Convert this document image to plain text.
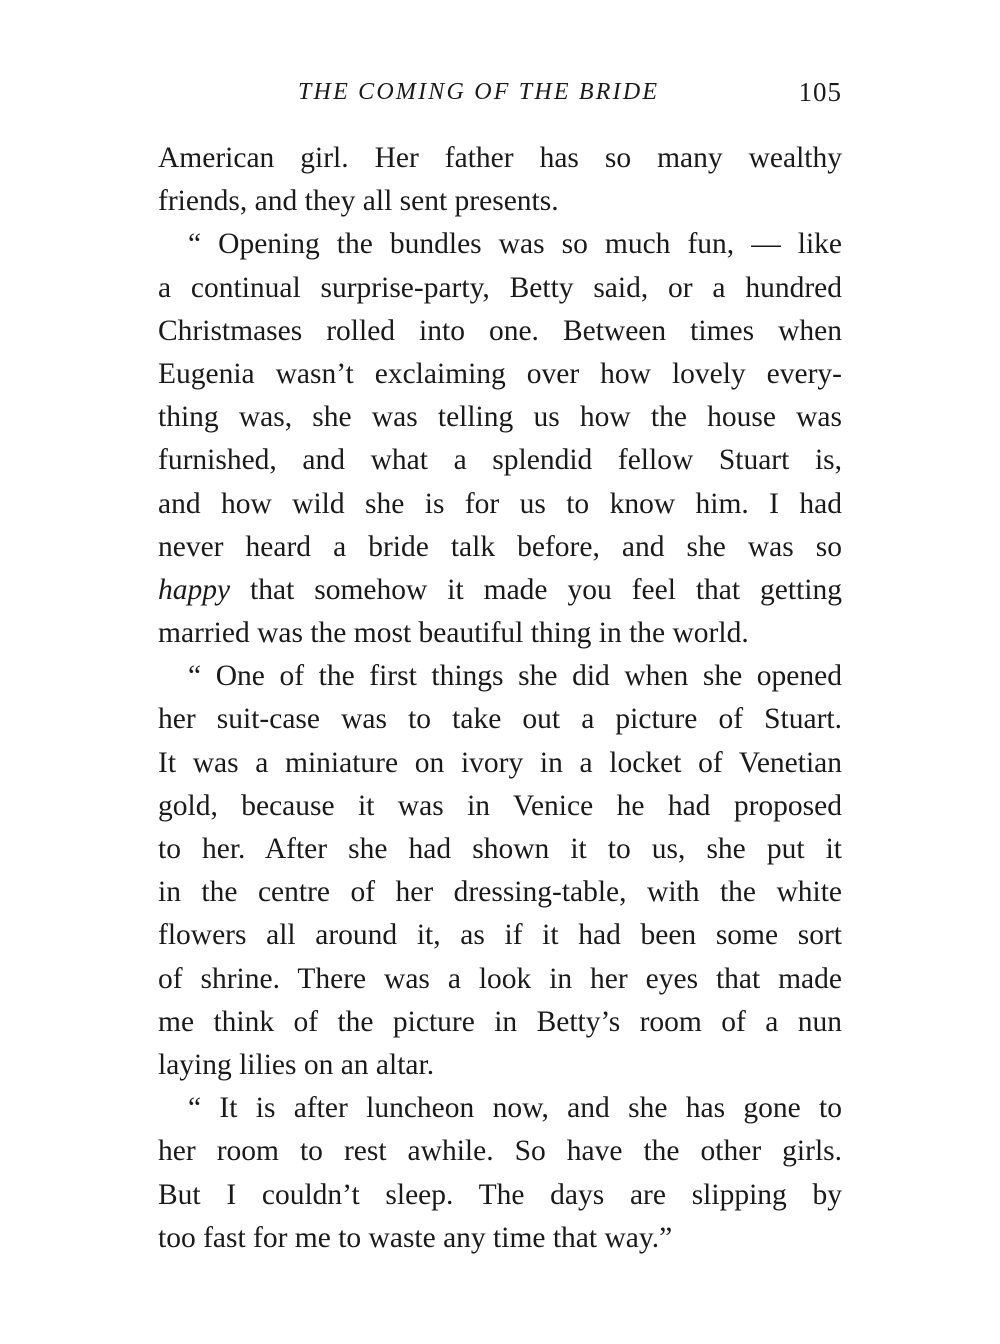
THE COMING OF THE BRIDE	105
American girl. Her father has so many wealthy
friends, and they all sent presents.
“ Opening the bundles was so much fun, — like
a continual surprise-party, Betty said, or a hundred
Christmases rolled into one. Between times when
Eugenia wasn’t exclaiming over how lovely every-
thing was, she was telling us how the house was
furnished, and what a splendid fellow Stuart is,
and how wild she is for us to know him. I had
never heard a bride talk before, and she was so
happy that somehow it made you feel that getting
married was the most beautiful thing in the world.
“ One of the first things she did when she opened
her suit-case was to take out a picture of Stuart.
It was a miniature on ivory in a locket of Venetian
gold, because it was in Venice he had proposed
to her. After she had shown it to us, she put it
in the centre of her dressing-table, with the white
flowers all around it, as if it had been some sort
of shrine. There was a look in her eyes that made
me think of the picture in Betty’s room of a nun
laying lilies on an altar.
“ It is after luncheon now, and she has gone to
her room to rest awhile. So have the other girls.
But I couldn’t sleep. The days are slipping by
too fast for me to waste any time that way.”
